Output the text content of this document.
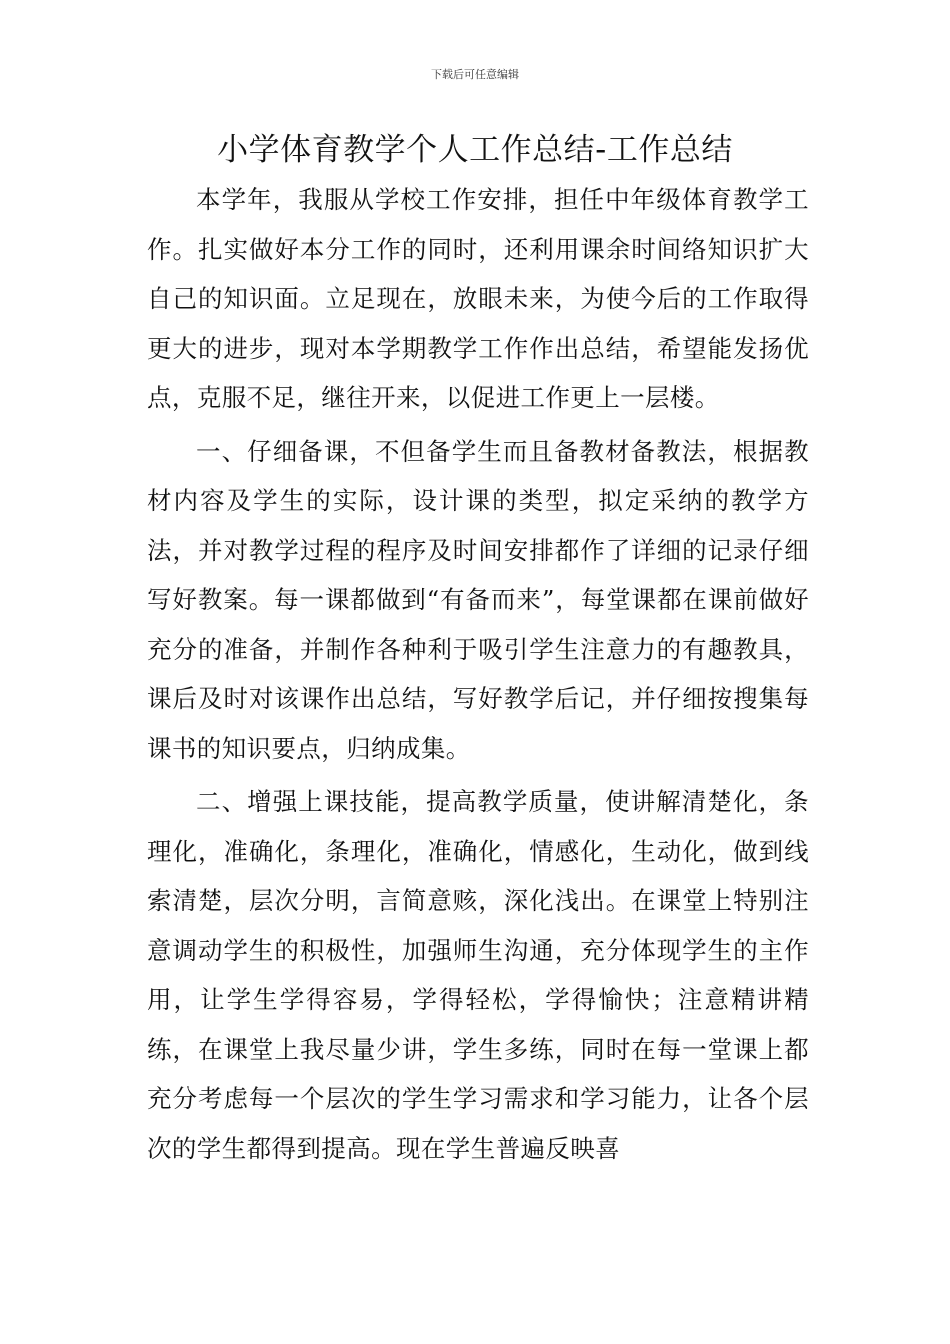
下载后可任意编辑
小学体育教学个人工作总结-工作总结

本学年，我服从学校工作安排，担任中年级体育教学工作。扎实做好本分工作的同时，还利用课余时间络知识扩大自己的知识面。立足现在，放眼未来，为使今后的工作取得更大的进步，现对本学期教学工作作出总结，希望能发扬优点，克服不足，继往开来，以促进工作更上一层楼。

一、仔细备课，不但备学生而且备教材备教法，根据教材内容及学生的实际，设计课的类型，拟定采纳的教学方法，并对教学过程的程序及时间安排都作了详细的记录仔细写好教案。每一课都做到“有备而来”，每堂课都在课前做好充分的准备，并制作各种利于吸引学生注意力的有趣教具，课后及时对该课作出总结，写好教学后记，并仔细按搜集每课书的知识要点，归纳成集。

二、增强上课技能，提高教学质量，使讲解清楚化，条理化，准确化，条理化，准确化，情感化，生动化，做到线索清楚，层次分明，言简意赅，深化浅出。在课堂上特别注意调动学生的积极性，加强师生沟通，充分体现学生的主作用，让学生学得容易，学得轻松，学得愉快；注意精讲精练，在课堂上我尽量少讲，学生多练，同时在每一堂课上都充分考虑每一个层次的学生学习需求和学习能力，让各个层次的学生都得到提高。现在学生普遍反映喜
